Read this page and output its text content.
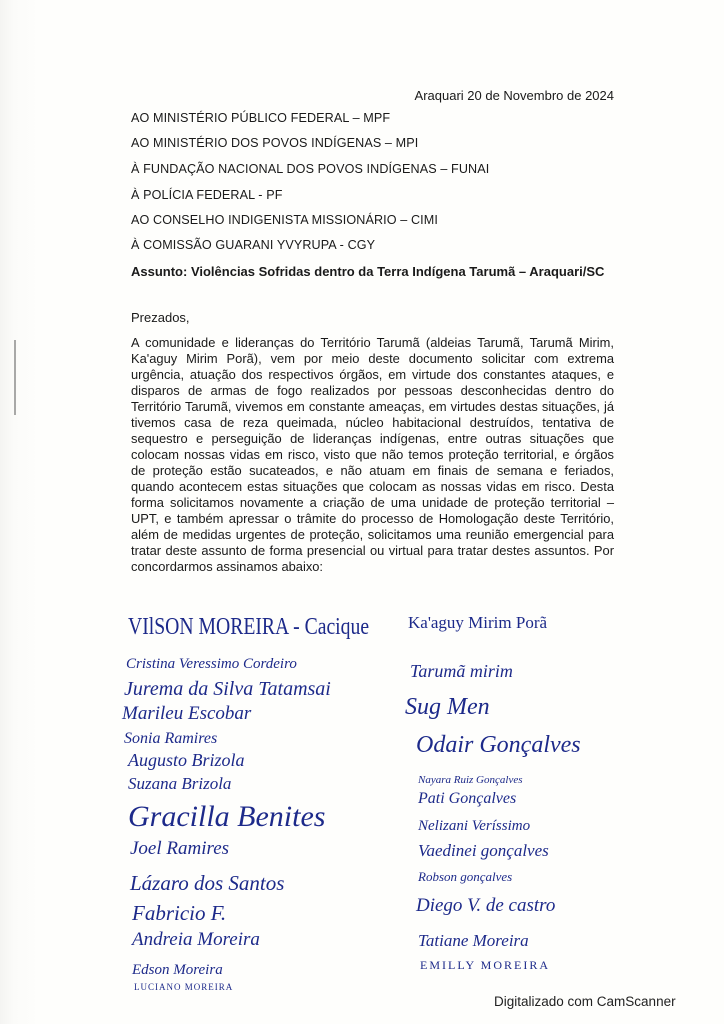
Araquari 20 de Novembro de 2024
AO MINISTÉRIO PÚBLICO FEDERAL – MPF
AO MINISTÉRIO DOS POVOS INDÍGENAS – MPI
À FUNDAÇÃO NACIONAL DOS POVOS INDÍGENAS – FUNAI
À POLÍCIA FEDERAL - PF
AO CONSELHO INDIGENISTA MISSIONÁRIO – CIMI
À COMISSÃO GUARANI YVYRUPA - CGY
Assunto: Violências Sofridas dentro da Terra Indígena Tarumã – Araquari/SC
Prezados,
A comunidade e lideranças do Território Tarumã (aldeias Tarumã, Tarumã Mirim, Ka'aguy Mirim Porã), vem por meio deste documento solicitar com extrema urgência, atuação dos respectivos órgãos, em virtude dos constantes ataques, e disparos de armas de fogo realizados por pessoas desconhecidas dentro do Território Tarumã, vivemos em constante ameaças, em virtudes destas situações, já tivemos casa de reza queimada, núcleo habitacional destruídos, tentativa de sequestro e perseguição de lideranças indígenas, entre outras situações que colocam nossas vidas em risco, visto que não temos proteção territorial, e órgãos de proteção estão sucateados, e não atuam em finais de semana e feriados, quando acontecem estas situações que colocam as nossas vidas em risco. Desta forma solicitamos novamente a criação de uma unidade de proteção territorial – UPT, e também apressar o trâmite do processo de Homologação deste Território, além de medidas urgentes de proteção, solicitamos uma reunião emergencial para tratar deste assunto de forma presencial ou virtual para tratar destes assuntos. Por concordarmos assinamos abaixo:
VIlSON MOREIRA - Cacique
Cristina Veressimo Cordeiro
Jurema da Silva Tatamsai
Marileu Escobar
Sonia Ramires
Augusto Brizola
Suzana Brizola
Gracilla Benites
Joel Ramires
Lázaro dos Santos
Fabricio F.
Andreia Moreira
Edson Moreira
LUCIANO MOREIRA
Ka'aguy Mirim Porã
Tarumã mirim
Sug Men
Odair Gonçalves
Nayara Ruiz Gonçalves
Pati Gonçalves
Nelizani Veríssimo
Vaedinei gonçalves
Robson gonçalves
Diego V. de castro
Tatiane Moreira
EMILLY MOREIRA
Digitalizado com CamScanner
